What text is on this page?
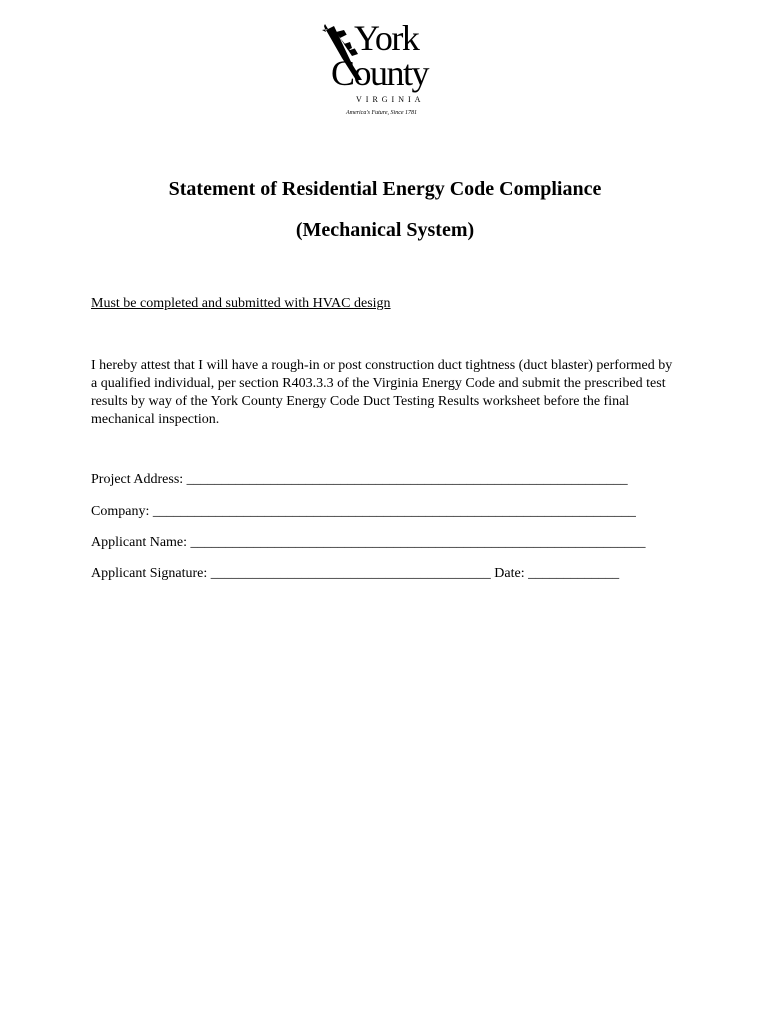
York
County
VIRGINIA
America's Future, Since 1781
Statement of Residential Energy Code Compliance
(Mechanical System)
Must be completed and submitted with HVAC design

I hereby attest that I will have a rough-in or post construction duct tightness (duct blaster) performed by a qualified individual, per section R403.3.3 of the Virginia Energy Code and submit the prescribed test results by way of the York County Energy Code Duct Testing Results worksheet before the final mechanical inspection.

Project Address: _______________________________________________________________
Company: _____________________________________________________________________
Applicant Name: _________________________________________________________________
Applicant Signature: ________________________________________ Date: _____________
